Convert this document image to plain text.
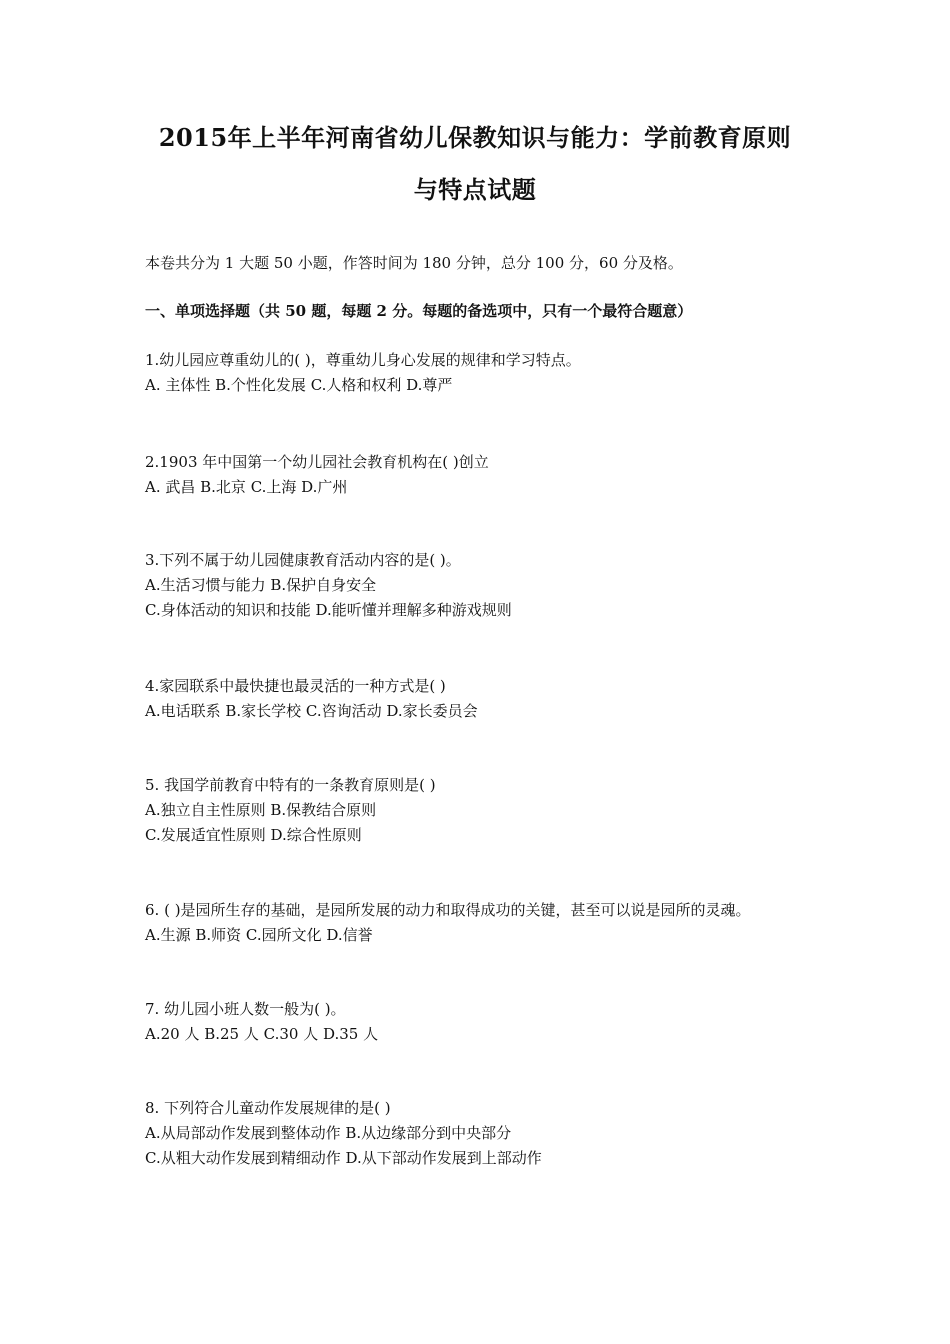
2015年上半年河南省幼儿保教知识与能力：学前教育原则
与特点试题
本卷共分为 1 大题 50 小题，作答时间为 180 分钟，总分 100 分，60 分及格。
一、单项选择题（共 50 题，每题 2 分。每题的备选项中，只有一个最符合题意）
1.幼儿园应尊重幼儿的( )，尊重幼儿身心发展的规律和学习特点。
A. 主体性 B.个性化发展 C.人格和权利 D.尊严
2.1903 年中国第一个幼儿园社会教育机构在( )创立
A. 武昌 B.北京 C.上海 D.广州
3.下列不属于幼儿园健康教育活动内容的是( )。
A.生活习惯与能力 B.保护自身安全
C.身体活动的知识和技能 D.能听懂并理解多种游戏规则
4.家园联系中最快捷也最灵活的一种方式是( )
A.电话联系 B.家长学校 C.咨询活动 D.家长委员会
5. 我国学前教育中特有的一条教育原则是( )
A.独立自主性原则 B.保教结合原则
C.发展适宜性原则 D.综合性原则
6. ( )是园所生存的基础，是园所发展的动力和取得成功的关键，甚至可以说是园所的灵魂。
A.生源 B.师资 C.园所文化 D.信誉
7. 幼儿园小班人数一般为( )。
A.20 人 B.25 人 C.30 人 D.35 人
8. 下列符合儿童动作发展规律的是( )
A.从局部动作发展到整体动作 B.从边缘部分到中央部分
C.从粗大动作发展到精细动作 D.从下部动作发展到上部动作
